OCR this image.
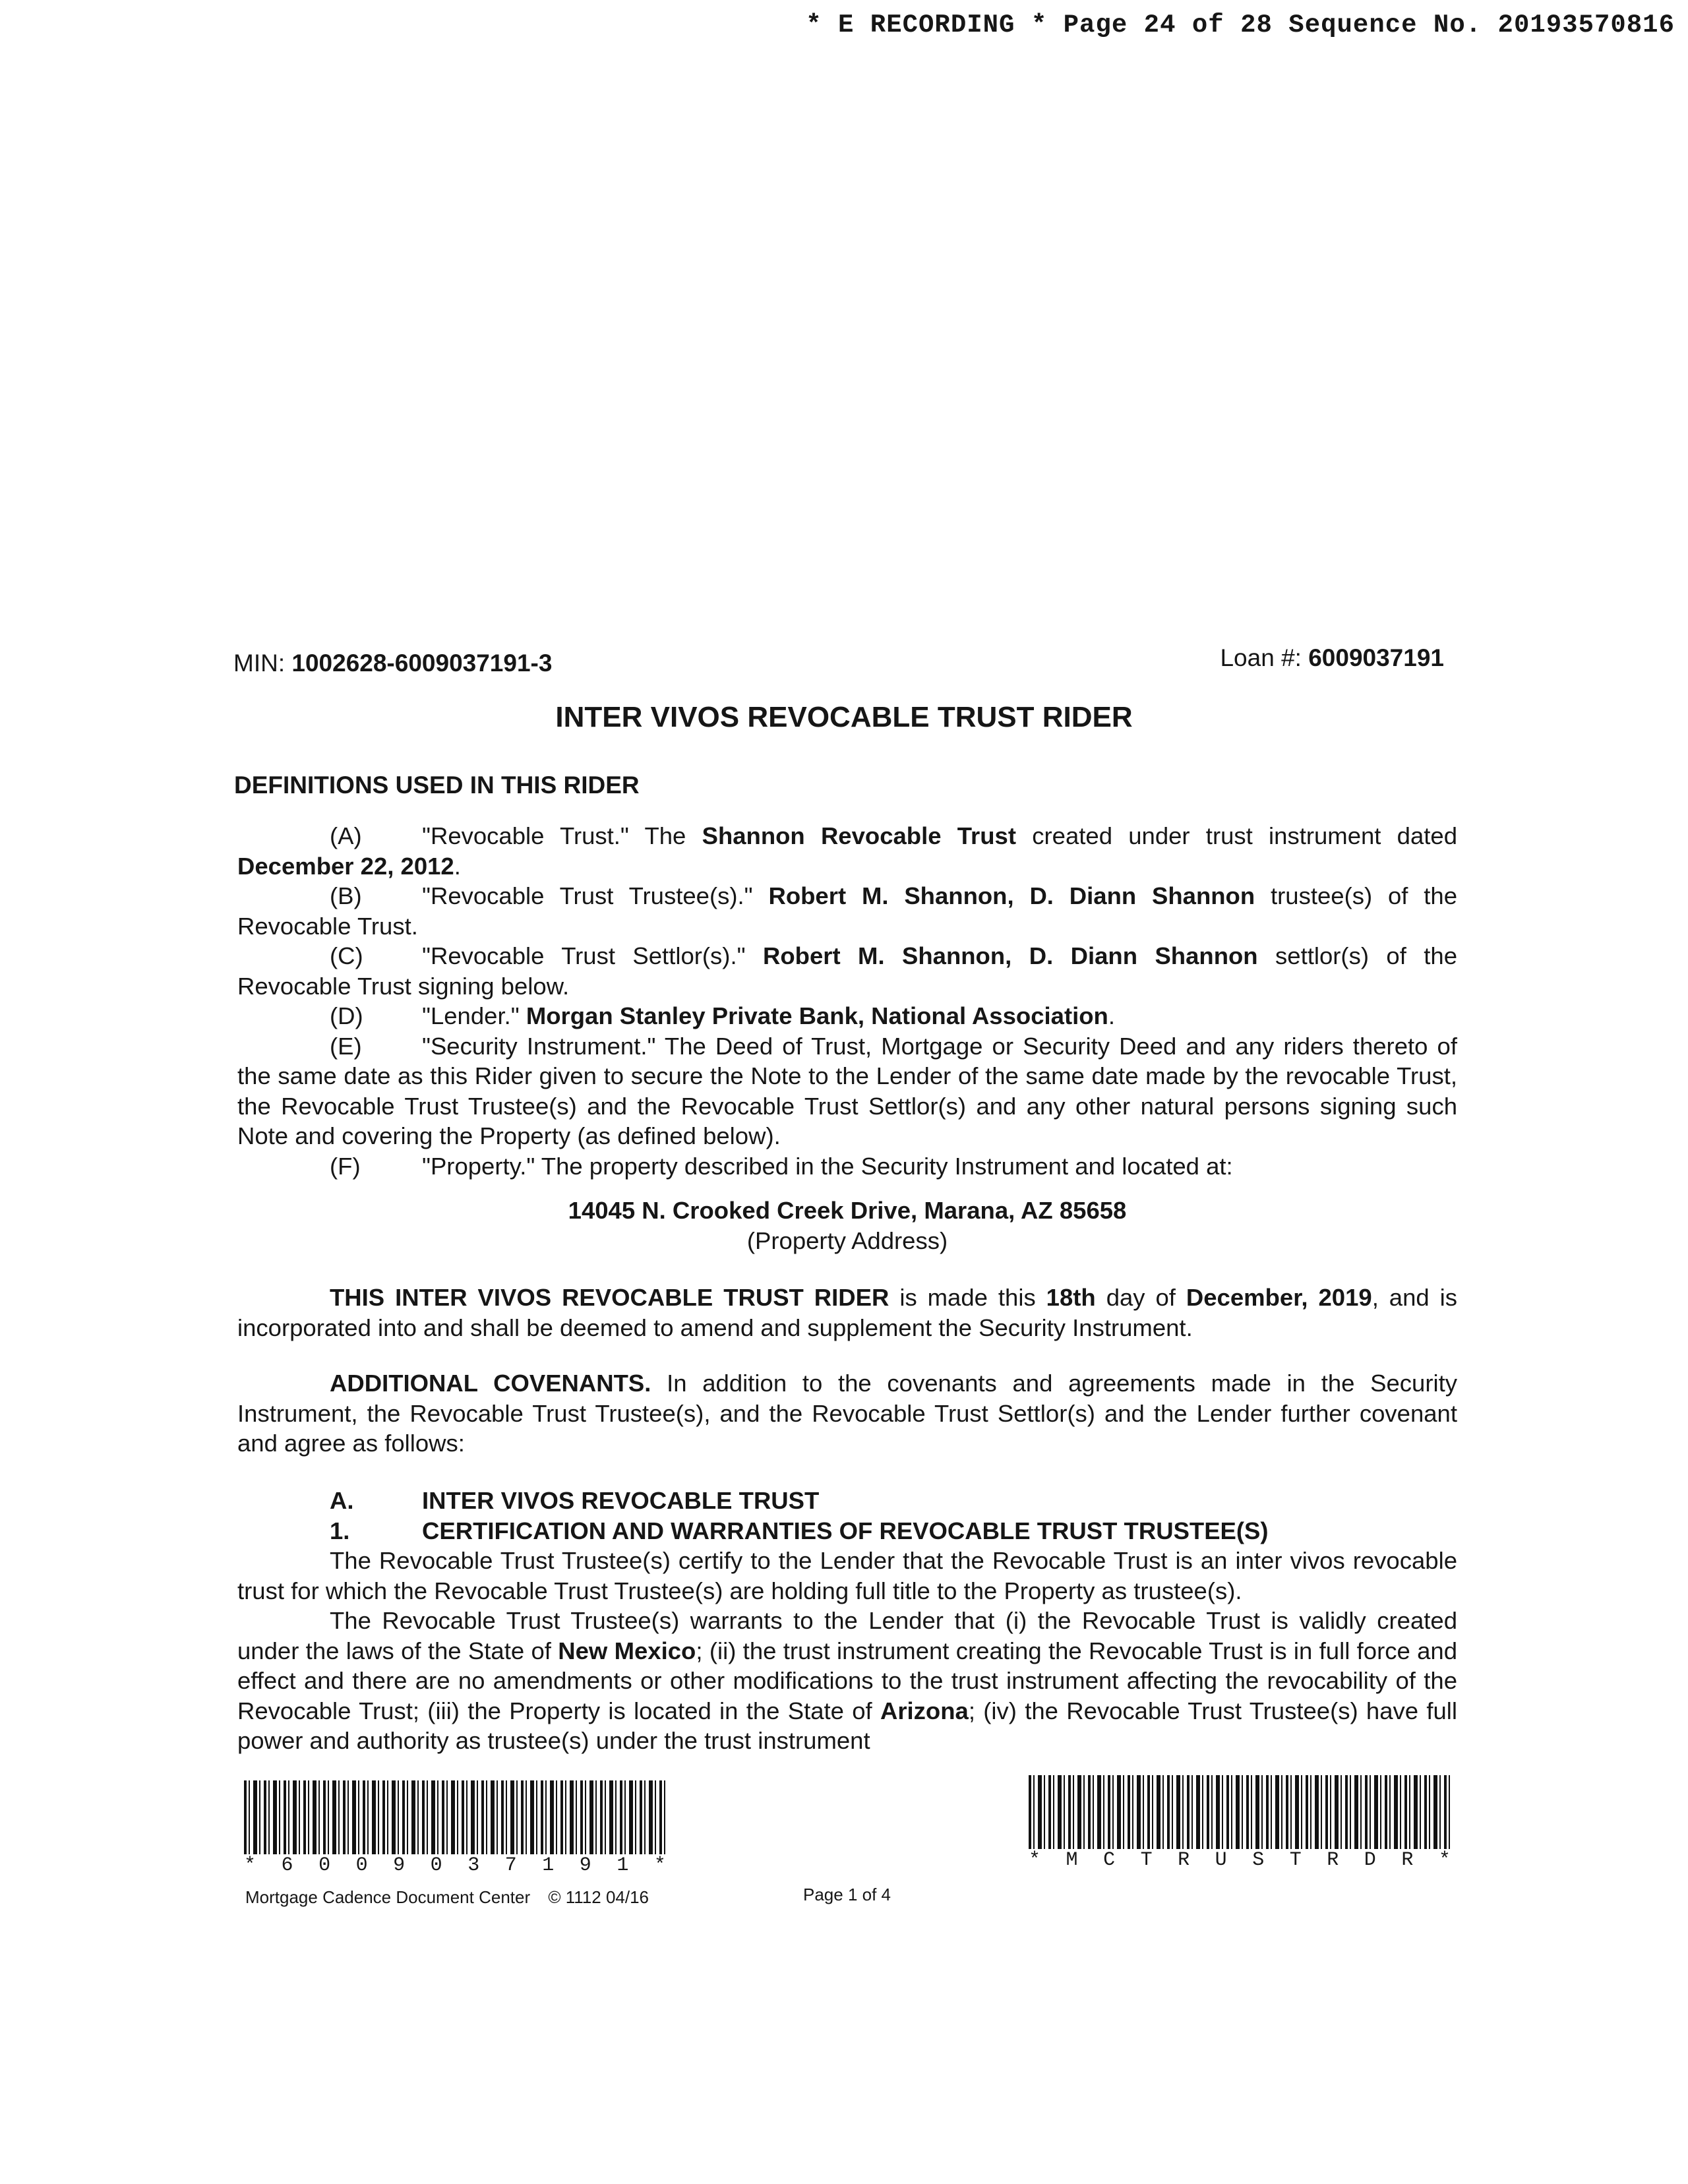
* E RECORDING * Page 24 of 28 Sequence No. 20193570816
MIN: 1002628-6009037191-3	Loan #: 6009037191
INTER VIVOS REVOCABLE TRUST RIDER
DEFINITIONS USED IN THIS RIDER

(A)	"Revocable Trust." The Shannon Revocable Trust created under trust instrument dated December 22, 2012.

(B)	"Revocable Trust Trustee(s)." Robert M. Shannon, D. Diann Shannon trustee(s) of the Revocable Trust.

(C) "Revocable Trust Settlor(s)." Robert M. Shannon, D. Diann Shannon settlor(s) of the Revocable Trust signing below.

(D) "Lender." Morgan Stanley Private Bank, National Association.

(E)	"Security Instrument." The Deed of Trust, Mortgage or Security Deed and any riders thereto of the same date as this Rider given to secure the Note to the Lender of the same date made by the revocable Trust, the Revocable Trust Trustee(s) and the Revocable Trust Settlor(s) and any other natural persons signing such Note and covering the Property (as defined below).

(F)	"Property." The property described in the Security Instrument and located at:

14045 N. Crooked Creek Drive, Marana, AZ 85658

(Property Address)

THIS INTER VIVOS REVOCABLE TRUST RIDER is made this 18th day of December, 2019, and is incorporated into and shall be deemed to amend and supplement the Security Instrument.

ADDITIONAL COVENANTS. In addition to the covenants and agreements made in the Security Instrument, the Revocable Trust Trustee(s), and the Revocable Trust Settlor(s) and the Lender further covenant and agree as follows:

A.	INTER VIVOS REVOCABLE TRUST
1.	CERTIFICATION AND WARRANTIES OF REVOCABLE TRUST TRUSTEE(S)

The Revocable Trust Trustee(s) certify to the Lender that the Revocable Trust is an inter vivos revocable trust for which the Revocable Trust Trustee(s) are holding full title to the Property as trustee(s).

The Revocable Trust Trustee(s) warrants to the Lender that (i) the Revocable Trust is validly created under the laws of the State of New Mexico; (ii) the trust instrument creating the Revocable Trust is in full force and effect and there are no amendments or other modifications to the trust instrument affecting the revocability of the Revocable Trust; (iii) the Property is located in the State of Arizona; (iv) the Revocable Trust Trustee(s) have full power and authority as trustee(s) under the trust instrument

* 6 0 0 9 0 3 7 1 9 1 *	* M C T R U S T R D R *
Mortgage Cadence Document Center © 1112 04/16	Page 1 of 4
